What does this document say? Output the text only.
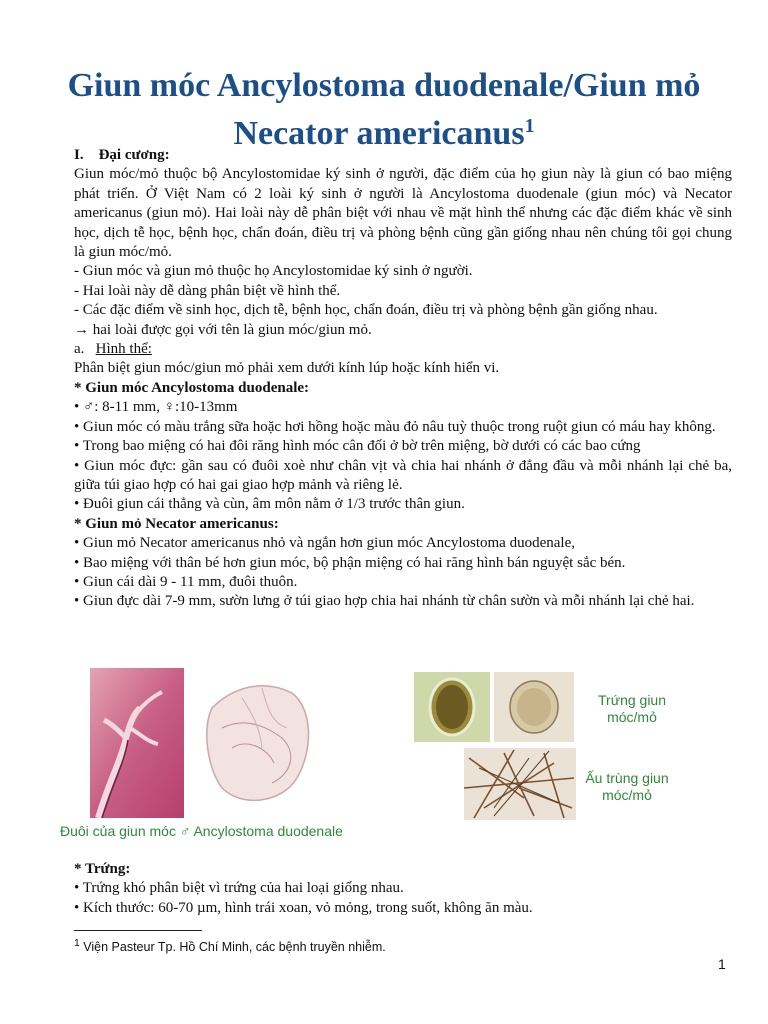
Giun móc Ancylostoma duodenale/Giun mỏ
Necator americanus$^1$

I. Đại cương:

Giun móc/mỏ thuộc bộ Ancylostomidae ký sinh ở người, đặc điểm của họ giun này là giun có bao miệng phát triển. Ở Việt Nam có 2 loài ký sinh ở người là Ancylostoma duodenale (giun móc) và Necator americanus (giun mỏ). Hai loài này dễ phân biệt với nhau về mặt hình thể nhưng các đặc điểm khác về sinh học, dịch tễ học, bệnh học, chẩn đoán, điều trị và phòng bệnh cũng gần giống nhau nên chúng tôi gọi chung là giun móc/mỏ.

- Giun móc và giun mỏ thuộc họ Ancylostomidae ký sinh ở người.

- Hai loài này dễ dàng phân biệt về hình thể.

- Các đặc điểm về sinh học, dịch tễ, bệnh học, chẩn đoán, điều trị và phòng bệnh gần giống nhau.

→ hai loài được gọi với tên là giun móc/giun mỏ.

a. Hình thể:

Phân biệt giun móc/giun mỏ phải xem dưới kính lúp hoặc kính hiển vi.

* Giun móc Ancylostoma duodenale:

• ♂: 8-11 mm, ♀:10-13mm

• Giun móc có màu trắng sữa hoặc hơi hồng hoặc màu đỏ nâu tuỳ thuộc trong ruột giun có máu hay không.

• Trong bao miệng có hai đôi răng hình móc cân đối ở bờ trên miệng, bờ dưới có các bao cứng

• Giun móc đực: gần sau có đuôi xoè như chân vịt và chia hai nhánh ở đẳng đầu và mỗi nhánh lại chẻ ba, giữa túi giao hợp có hai gai giao hợp mảnh và riêng lẻ.

• Đuôi giun cái thẳng và cùn, âm môn nằm ở 1/3 trước thân giun.

* Giun mỏ Necator americanus:

• Giun mỏ Necator americanus nhỏ và ngắn hơn giun móc Ancylostoma duodenale,

• Bao miệng với thân bé hơn giun móc, bộ phận miệng có hai răng hình bán nguyệt sắc bén.

• Giun cái dài 9 - 11 mm, đuôi thuôn.

• Giun đực dài 7-9 mm, sườn lưng ở túi giao hợp chia hai nhánh từ chân sườn và mỗi nhánh lại chẻ hai.

Trứng giun móc/mỏ
Ấu trùng giun móc/mỏ
Đuôi của giun móc ♂ Ancylostoma duodenale

* Trứng:

• Trứng khó phân biệt vì trứng của hai loại giống nhau.

• Kích thước: 60-70 µm, hình trái xoan, vỏ mỏng, trong suốt, không ăn màu.

$^1$ Viện Pasteur Tp. Hồ Chí Minh, các bệnh truyền nhiễm.
1
